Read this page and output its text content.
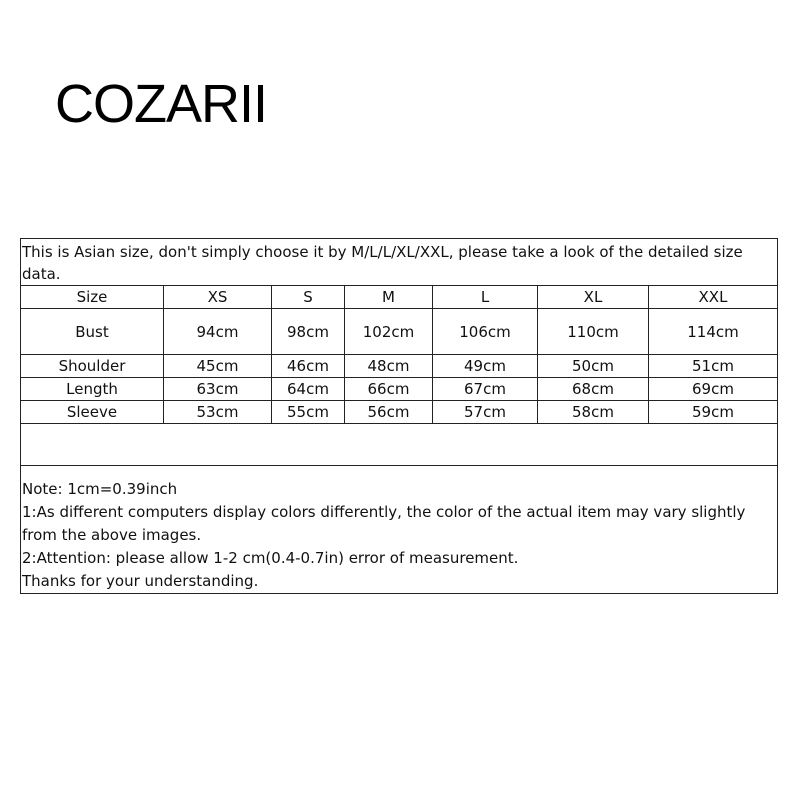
COZARII
This is Asian size, don't simply choose it by M/L/L/XL/XXL, please take a look of the detailed size data.						
Size	XS	S	M	L	XL	XXL
Bust	94cm	98cm	102cm	106cm	110cm	114cm
Shoulder	45cm	46cm	48cm	49cm	50cm	51cm
Length	63cm	64cm	66cm	67cm	68cm	69cm
Sleeve	53cm	55cm	56cm	57cm	58cm	59cm

Note: 1cm=0.39inch
1:As different computers display colors differently, the color of the actual item may vary slightly from the above images.
2:Attention: please allow 1-2 cm(0.4-0.7in) error of measurement.
Thanks for your understanding.						
